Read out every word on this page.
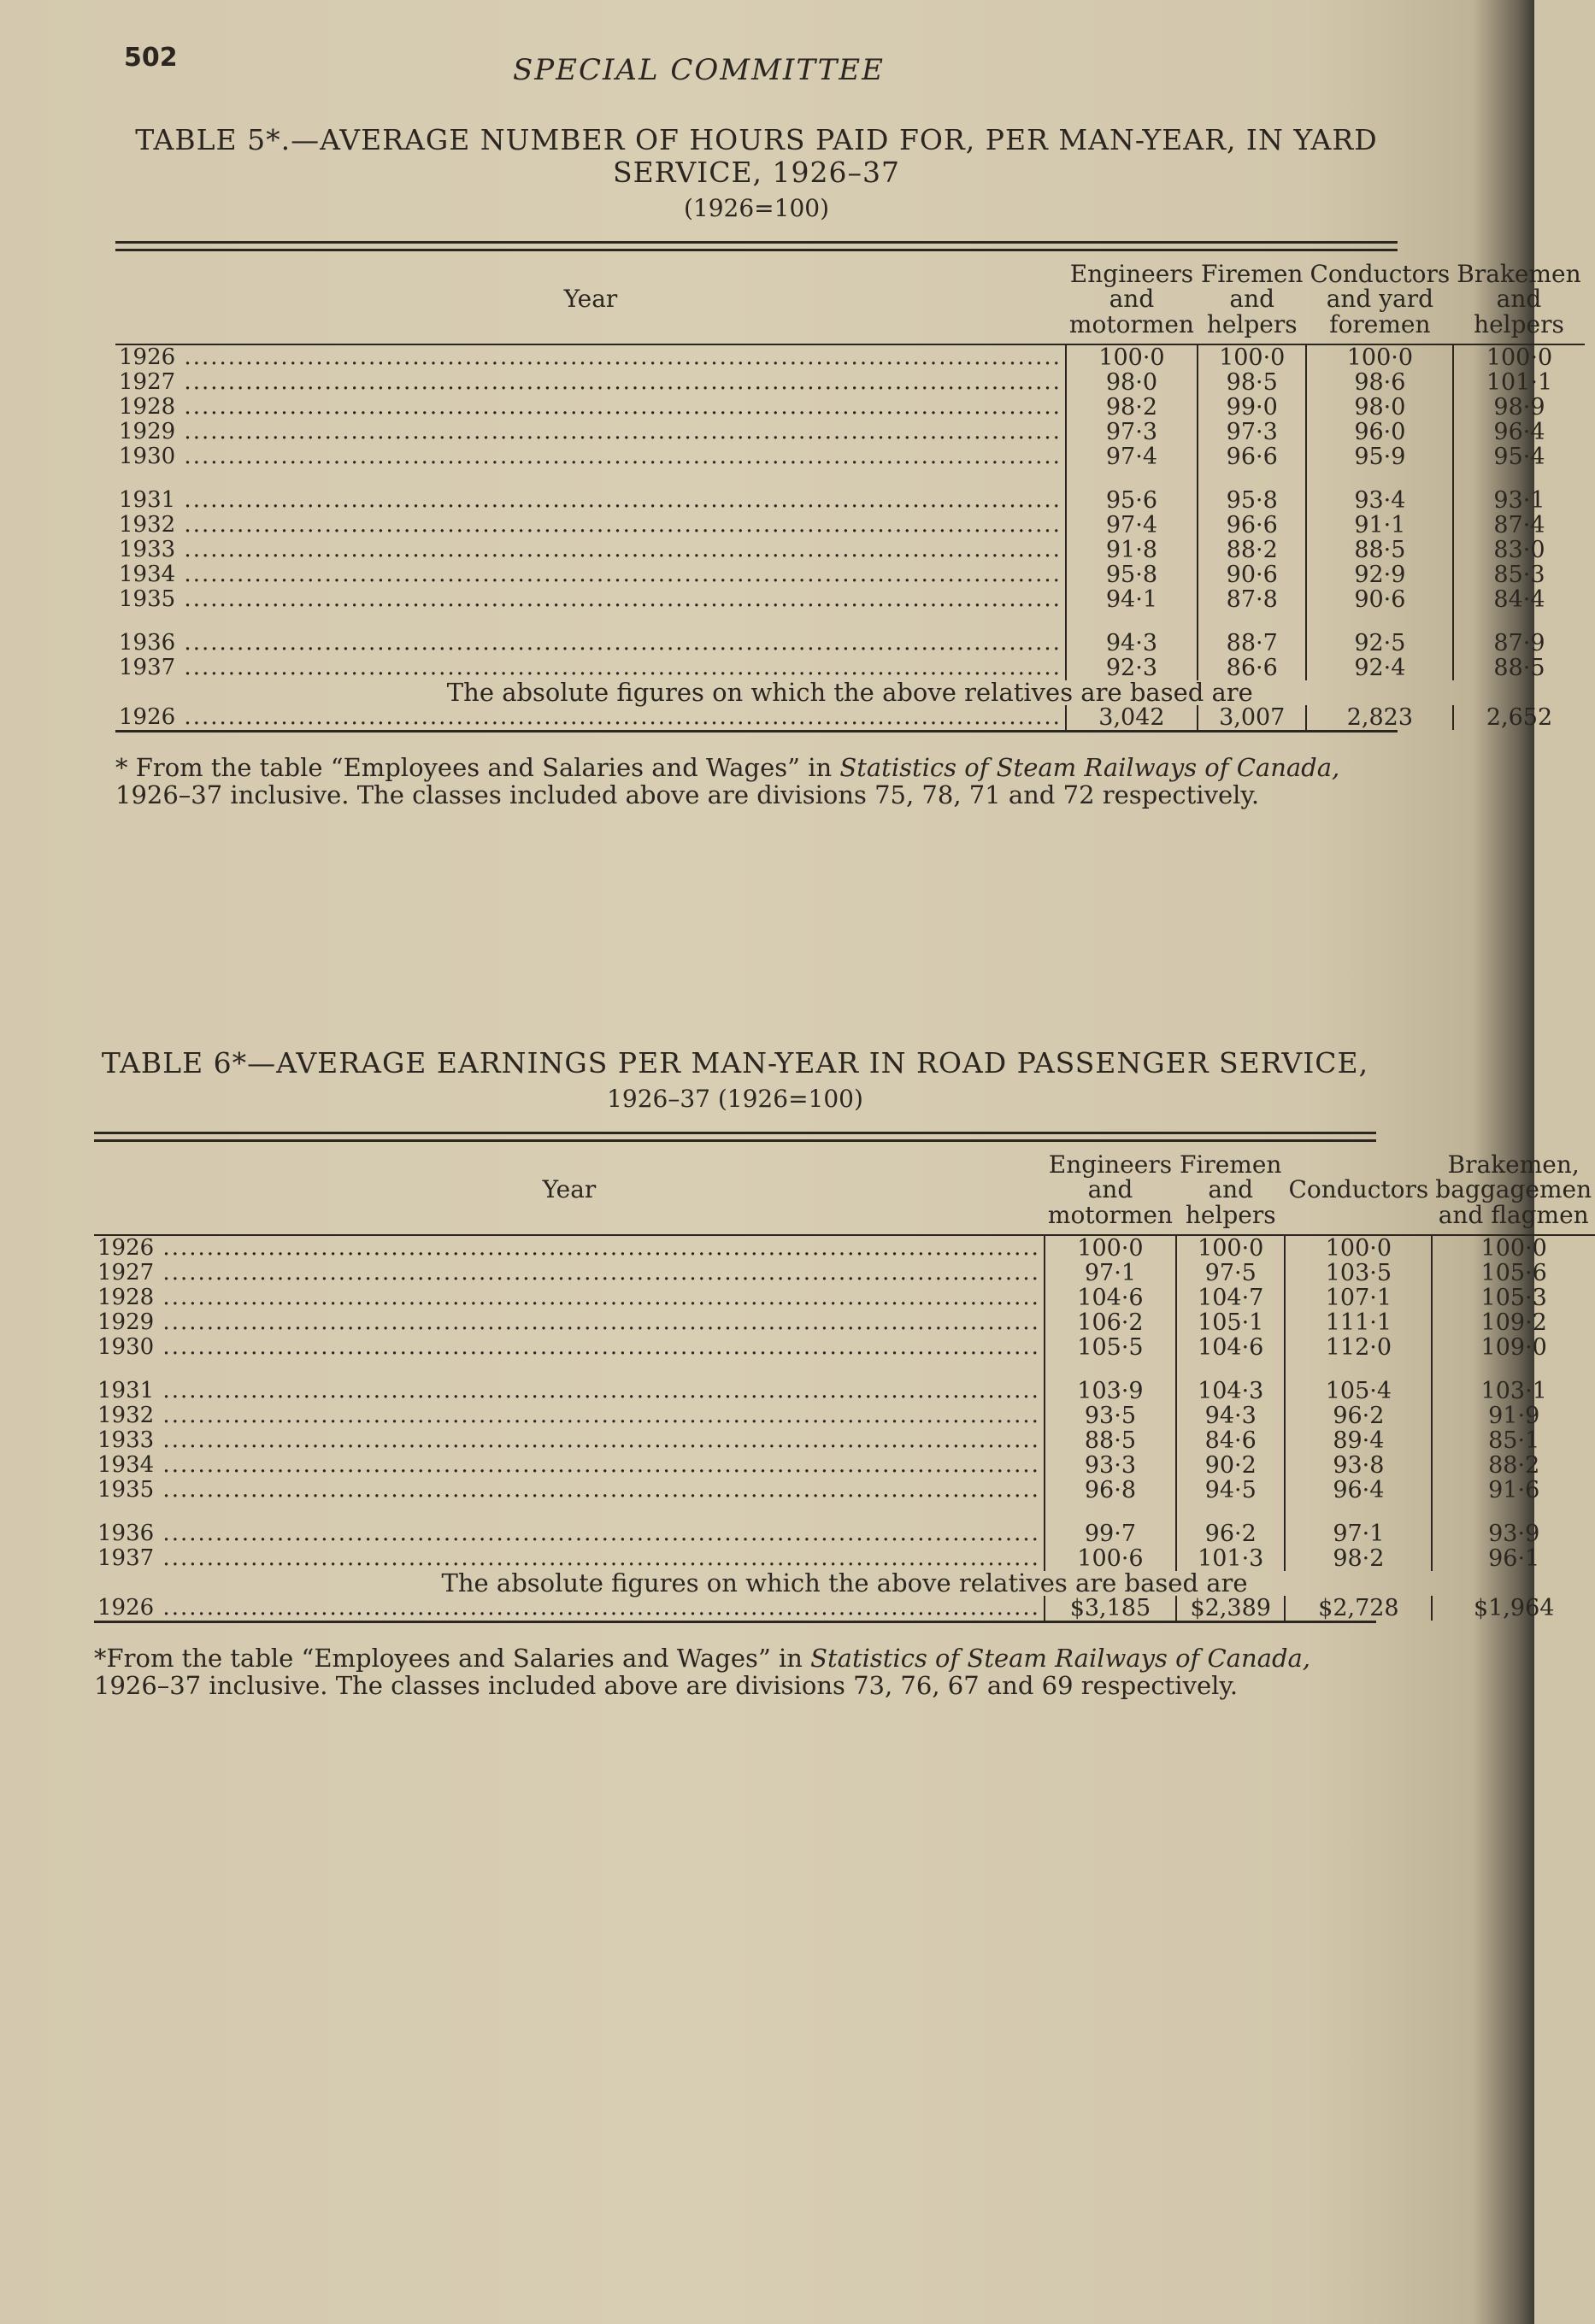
502	SPECIAL COMMITTEE
TABLE 5*.—AVERAGE NUMBER OF HOURS PAID FOR, PER MAN-YEAR, IN YARD SERVICE, 1926–37
(1926=100)
Year	Engineers and motormen	Firemen and helpers	Conductors and yard foremen	Brakemen and helpers
1926 .....	100·0	100·0	100·0	100·0
1927 .....	98·0	98·5	98·6	101·1
1928 .....	98·2	99·0	98·0	98·9
1929 .....	97·3	97·3	96·0	96·4
1930 .....	97·4	96·6	95·9	95·4

1931 .....	95·6	95·8	93·4	93·1
1932 .....	97·4	96·6	91·1	87·4
1933 .....	91·8	88·2	88·5	83·0
1934 .....	95·8	90·6	92·9	85·3
1935 .....	94·1	87·8	90·6	84·4

1936 .....	94·3	88·7	92·5	87·9
1937 .....	92·3	86·6	92·4	88·5
The absolute figures on which the above relatives are based are				
1926 .....	3,042	3,007	2,823	2,652
* From the table “Employees and Salaries and Wages” in Statistics of Steam Railways of Canada, 1926–37 inclusive. The classes included above are divisions 75, 78, 71 and 72 respectively.
TABLE 6*—AVERAGE EARNINGS PER MAN-YEAR IN ROAD PASSENGER SERVICE,
1926–37 (1926=100)
Year	Engineers and motormen	Firemen and helpers	Conductors	Brakemen, baggagemen and flagmen
1926 .....	100·0	100·0	100·0	100·0
1927 .....	97·1	97·5	103·5	105·6
1928 .....	104·6	104·7	107·1	105·3
1929 .....	106·2	105·1	111·1	109·2
1930 .....	105·5	104·6	112·0	109·0

1931 .....	103·9	104·3	105·4	103·1
1932 .....	93·5	94·3	96·2	91·9
1933 .....	88·5	84·6	89·4	85·1
1934 .....	93·3	90·2	93·8	88·2
1935 .....	96·8	94·5	96·4	91·6

1936 .....	99·7	96·2	97·1	93·9
1937 .....	100·6	101·3	98·2	96·1
The absolute figures on which the above relatives are based are				
1926 .....	$3,185	$2,389	$2,728	$1,964
*From the table “Employees and Salaries and Wages” in Statistics of Steam Railways of Canada, 1926–37 inclusive. The classes included above are divisions 73, 76, 67 and 69 respectively.
